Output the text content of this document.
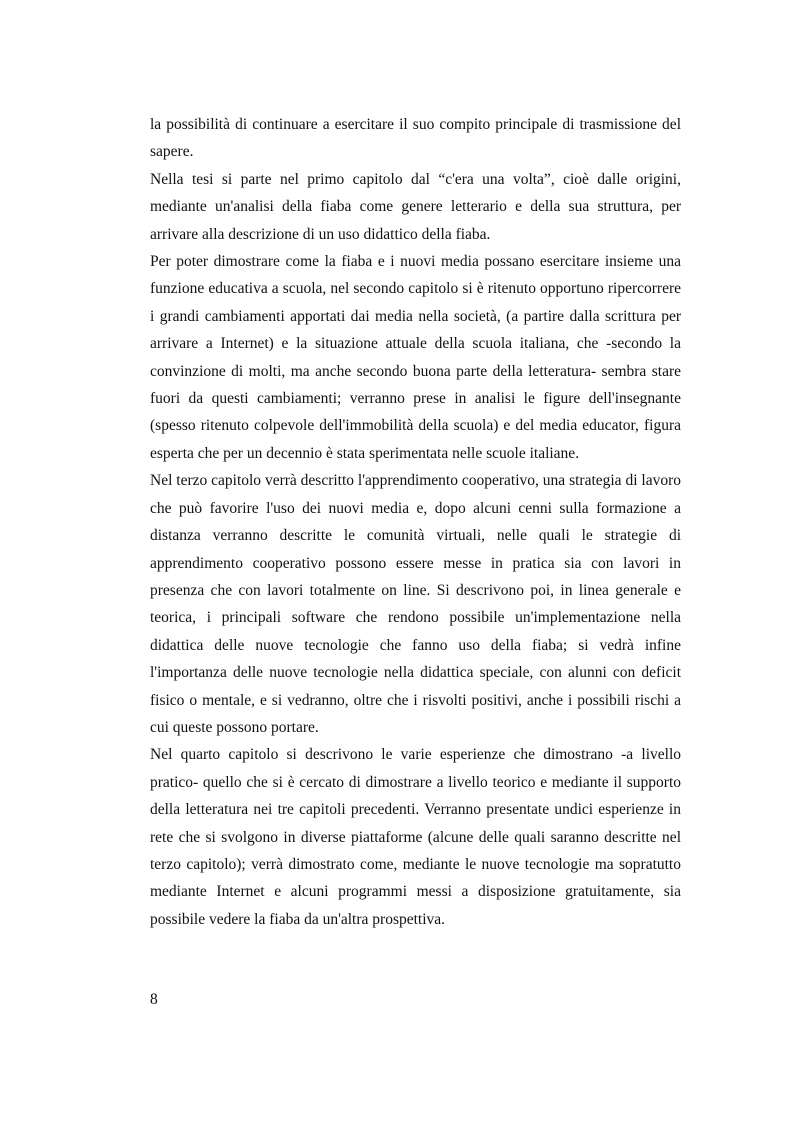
la possibilità di continuare a esercitare il suo compito principale di trasmissione del sapere.

Nella tesi si parte nel primo capitolo dal “c'era una volta”, cioè dalle origini, mediante un'analisi della fiaba come genere letterario e della sua struttura, per arrivare alla descrizione di un uso didattico della fiaba.

Per poter dimostrare come la fiaba e i nuovi media possano esercitare insieme una funzione educativa a scuola, nel secondo capitolo si è ritenuto opportuno ripercorrere i grandi cambiamenti apportati dai media nella società, (a partire dalla scrittura per arrivare a Internet) e la situazione attuale della scuola italiana, che -secondo la convinzione di molti, ma anche secondo buona parte della letteratura- sembra stare fuori da questi cambiamenti; verranno prese in analisi le figure dell'insegnante (spesso ritenuto colpevole dell'immobilità della scuola) e del media educator, figura esperta che per un decennio è stata sperimentata nelle scuole italiane.

Nel terzo capitolo verrà descritto l'apprendimento cooperativo, una strategia di lavoro che può favorire l'uso dei nuovi media e, dopo alcuni cenni sulla formazione a distanza verranno descritte le comunità virtuali, nelle quali le strategie di apprendimento cooperativo possono essere messe in pratica sia con lavori in presenza che con lavori totalmente on line. Si descrivono poi, in linea generale e teorica, i principali software che rendono possibile un'implementazione nella didattica delle nuove tecnologie che fanno uso della fiaba; si vedrà infine l'importanza delle nuove tecnologie nella didattica speciale, con alunni con deficit fisico o mentale, e si vedranno, oltre che i risvolti positivi, anche i possibili rischi a cui queste possono portare.

Nel quarto capitolo si descrivono le varie esperienze che dimostrano -a livello pratico- quello che si è cercato di dimostrare a livello teorico e mediante il supporto della letteratura nei tre capitoli precedenti. Verranno presentate undici esperienze in rete che si svolgono in diverse piattaforme (alcune delle quali saranno descritte nel terzo capitolo); verrà dimostrato come, mediante le nuove tecnologie ma sopratutto mediante Internet e alcuni programmi messi a disposizione gratuitamente, sia possibile vedere la fiaba da un'altra prospettiva.

8
